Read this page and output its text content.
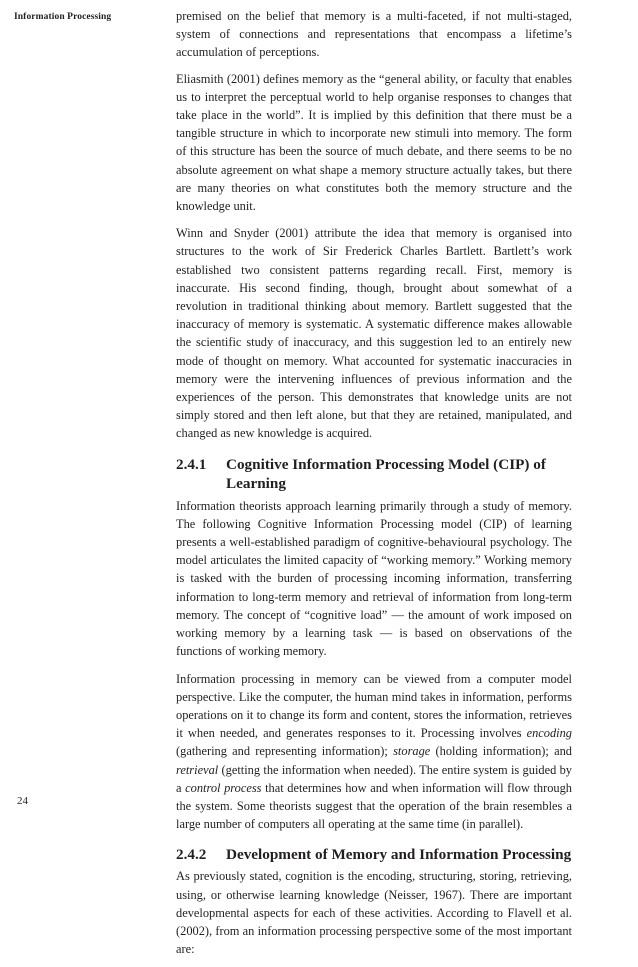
Information Processing	premised on the belief that memory is a multi-faceted, if not multi-staged, system of connections and representations that encompass a lifetime’s accumulation of perceptions.

Eliasmith (2001) defines memory as the “general ability, or faculty that enables us to interpret the perceptual world to help organise responses to changes that take place in the world”. It is implied by this definition that there must be a tangible structure in which to incorporate new stimuli into memory. The form of this structure has been the source of much debate, and there seems to be no absolute agreement on what shape a memory structure actually takes, but there are many theories on what constitutes both the memory structure and the knowledge unit.

Winn and Snyder (2001) attribute the idea that memory is organised into structures to the work of Sir Frederick Charles Bartlett. Bartlett’s work established two consistent patterns regarding recall. First, memory is inaccurate. His second finding, though, brought about somewhat of a revolution in traditional thinking about memory. Bartlett suggested that the inaccuracy of memory is systematic. A systematic difference makes allowable the scientific study of inaccuracy, and this suggestion led to an entirely new mode of thought on memory. What accounted for systematic inaccuracies in memory were the intervening influences of previous information and the experiences of the person. This demonstrates that knowledge units are not simply stored and then left alone, but that they are retained, manipulated, and changed as new knowledge is acquired.

2.4.1	Cognitive Information Processing Model (CIP) of Learning

Information theorists approach learning primarily through a study of memory. The following Cognitive Information Processing model (CIP) of learning presents a well-established paradigm of cognitive-behavioural psychology. The model articulates the limited capacity of “working memory.” Working memory is tasked with the burden of processing incoming information, transferring information to long-term memory and retrieval of information from long-term memory. The concept of “cognitive load” — the amount of work imposed on working memory by a learning task — is based on observations of the functions of working memory.

Information processing in memory can be viewed from a computer model perspective. Like the computer, the human mind takes in information, performs operations on it to change its form and content, stores the information, retrieves it when needed, and generates responses to it. Processing involves encoding (gathering and representing information); storage (holding information); and retrieval (getting the information when needed). The entire system is guided by a control process that determines how and when information will flow through the system. Some theorists suggest that the operation of the brain resembles a large number of computers all operating at the same time (in parallel).

2.4.2	Development of Memory and Information Processing

As previously stated, cognition is the encoding, structuring, storing, retrieving, using, or otherwise learning knowledge (Neisser, 1967). There are important developmental aspects for each of these activities. According to Flavell et al. (2002), from an information processing perspective some of the most important are:

24
